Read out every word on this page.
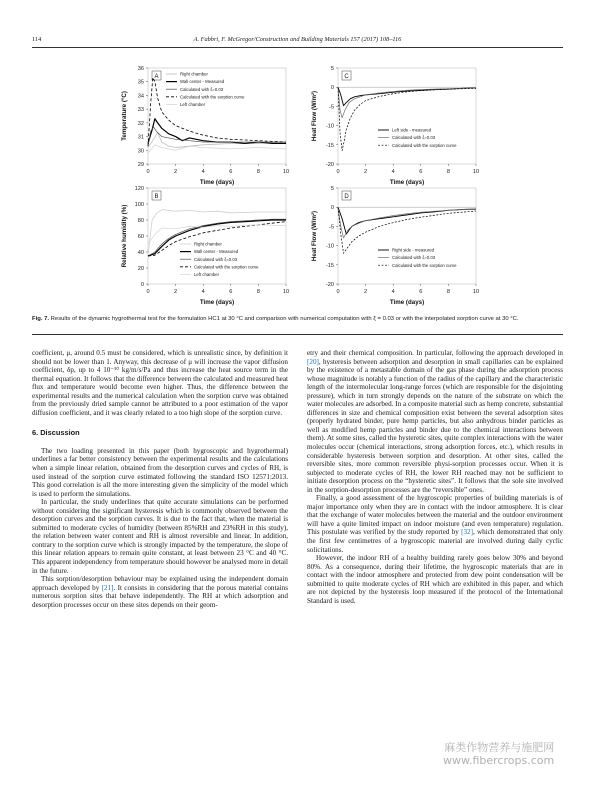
114	A. Fabbri, F. McGregor/Construction and Building Materials 157 (2017) 108–116
29
30
31
32
33
34
35
36
0	2	4	6	8	10
Time (days)
Temperature (°C)
A	Right chamber
Wall center - Measured
Calculated with ξ=0.03
Calculated with the sorption curve
Left chamber
0
20
40
60
80
100
120
0	2	4	6	8	10
Time (days)
Relative humidity (%)
B
Right chamber
Wall center - Measured
Calculated with ξ=0.03
Calculated with the sorption curve
Left chamber
5
0
-5
-10
-15
-20
0	2	4	6	8	10
Time (days)
Heat Flow (W/m²)
C
Left side - measured
Calculated with ξ=0.03
Calculated with the sorption curve
5
0
-5
-10
-15
-20
0	2	4	6	8	10
Time (days)
Heat Flow (W/m²)
D
Right side - measured
Calculated with ξ=0.03
Calculated with the sorption curve
Fig. 7. Results of the dynamic hygrothermal test for the formulation HC1 at 30 °C and comparison with numerical computation with ξ = 0.03 or with the interpolated sorption curve at 30 °C.

coefficient, μ, around 0.5 must be considered, which is unrealistic since, by definition it should not be lower than 1. Anyway, this decrease of μ will increase the vapor diffusion coefficient, δp, up to 4 10⁻¹⁰ kg/m/s/Pa and thus increase the heat source term in the thermal equation. It follows that the difference between the calculated and measured heat flux and temperature would become even higher. Thus, the difference between the experimental results and the numerical calculation when the sorption curve was obtained from the previously dried sample cannot be attributed to a poor estimation of the vapor diffusion coefficient, and it was clearly related to a too high slope of the sorption curve.

6. Discussion

The two loading presented in this paper (both hygroscopic and hygrothermal) underlines a far better consistency between the experimental results and the calculations when a simple linear relation, obtained from the desorption curves and cycles of RH, is used instead of the sorption curve estimated following the standard ISO 12571:2013. This good correlation is all the more interesting given the simplicity of the model which is used to perform the simulations.

In particular, the study underlines that quite accurate simulations can be performed without considering the significant hysteresis which is commonly observed between the desorption curves and the sorption curves. It is due to the fact that, when the material is submitted to moderate cycles of humidity (between 85%RH and 23%RH in this study), the relation between water content and RH is almost reversible and linear. In addition, contrary to the sorption curve which is strongly impacted by the temperature, the slope of this linear relation appears to remain quite constant, at least between 23 °C and 40 °C. This apparent independency from temperature should however be analysed more in detail in the future.

This sorption/desorption behaviour may be explained using the independent domain approach developed by [21]. It consists in considering that the porous material contains numerous sorption sites that behave independently. The RH at which adsorption and desorption processes occur on these sites depends on their geom-

etry and their chemical composition. In particular, following the approach developed in [20], hysteresis between adsorption and desorption in small capillaries can be explained by the existence of a metastable domain of the gas phase during the adsorption process whose magnitude is notably a function of the radius of the capillary and the characteristic length of the intermolecular long-range forces (which are responsible for the disjointing pressure), which in turn strongly depends on the nature of the substrate on which the water molecules are adsorbed. In a composite material such as hemp concrete, substantial differences in size and chemical composition exist between the several adsorption sites (properly hydrated binder, pure hemp particles, but also anhydrous binder particles as well as modified hemp particles and binder due to the chemical interactions between them). At some sites, called the hysteretic sites, quite complex interactions with the water molecules occur (chemical interactions, strong adsorption forces, etc.), which results in considerable hysteresis between sorption and desorption. At other sites, called the reversible sites, more common reversible physi-sorption processes occur. When it is subjected to moderate cycles of RH, the lower RH reached may not be sufficient to initiate desorption process on the “hysteretic sites”. It follows that the sole site involved in the sorption-desorption processes are the “reversible” ones.

Finally, a good assessment of the hygroscopic properties of building materials is of major importance only when they are in contact with the indoor atmosphere. It is clear that the exchange of water molecules between the material and the outdoor environment will have a quite limited impact on indoor moisture (and even temperature) regulation. This postulate was verified by the study reported by [32], which demonstrated that only the first few centimetres of a hygroscopic material are involved during daily cyclic solicitations.

However, the indoor RH of a healthy building rarely goes below 30% and beyond 80%. As a consequence, during their lifetime, the hygroscopic materials that are in contact with the indoor atmosphere and protected from dew point condensation will be submitted to quite moderate cycles of RH which are exhibited in this paper, and which are not depicted by the hysteresis loop measured if the protocol of the International Standard is used.

麻类作物营养与施肥网
www.fibercrops.com
